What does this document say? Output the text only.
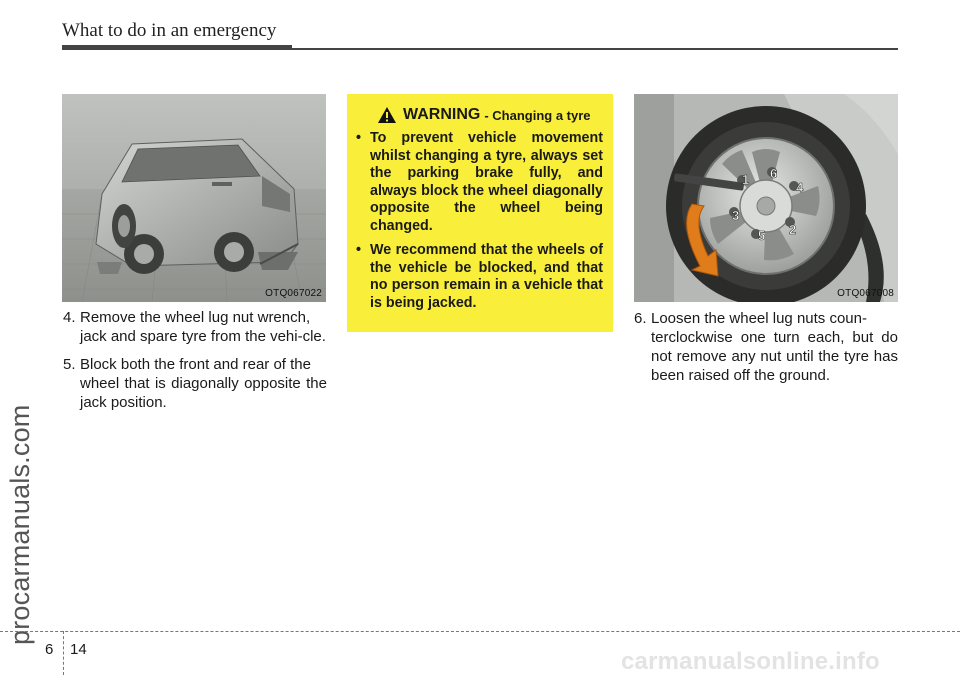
What to do in an emergency
procarmanuals.com
OTQ067022
4. Remove the wheel lug nut wrench,
jack and spare tyre from the vehi-cle.
5. Block both the front and rear of the
wheel that is diagonally opposite the jack position.
WARNING - Changing a tyre
• To prevent vehicle movement whilst changing a tyre, always set the parking brake fully, and always block the wheel diagonally opposite the wheel being changed.
• We recommend that the wheels of the vehicle be blocked, and that no person remain in a vehicle that is being jacked.
1
2
3
4
5
6
OTQ067008
6. Loosen the wheel lug nuts coun-
terclockwise one turn each, but do not remove any nut until the tyre has been raised off the ground.
6 14	carmanualsonline.info
